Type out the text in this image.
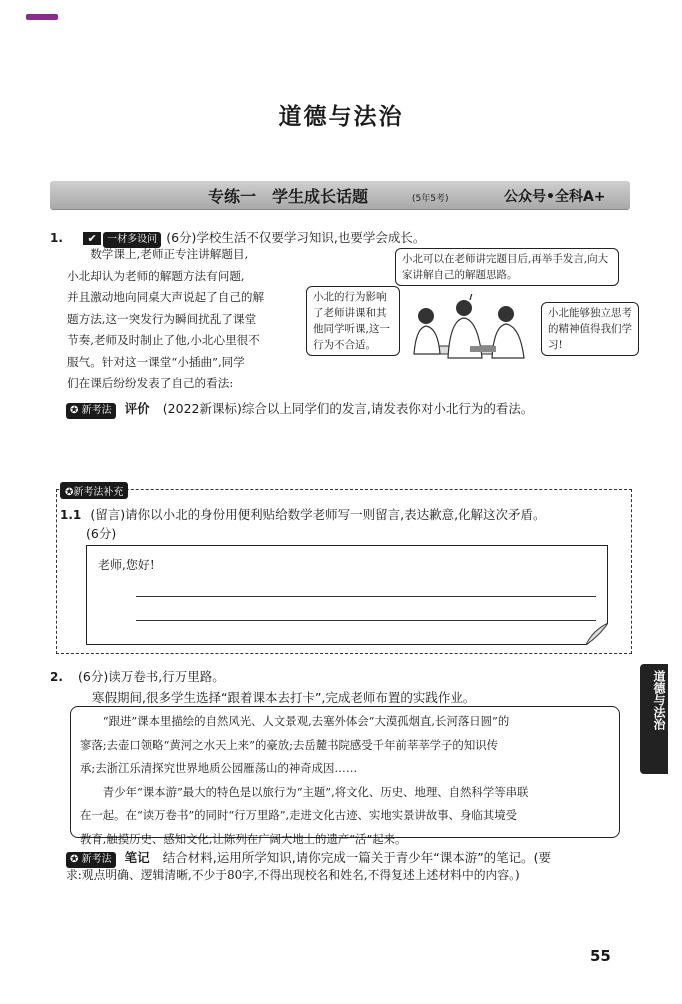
道德与法治
专练一　学生成长话题	(5年5考)	公众号•全科A+
1. ✔ 一材多设问 (6分)学校生活不仅要学习知识,也要学会成长。
数学课上,老师正专注讲解题目,
小北却认为老师的解题方法有问题,
并且激动地向同桌大声说起了自己的解
题方法,这一突发行为瞬间扰乱了课堂
节奏,老师及时制止了他,小北心里很不
服气。针对这一课堂“小插曲”,同学
们在课后纷纷发表了自己的看法:
小北可以在老师讲完题目后,再举手发言,向大家讲解自己的解题思路。
小北的行为影响了老师讲课和其他同学听课,这一行为不合适。
小北能够独立思考的精神值得我们学习!
✪ 新考法 评价 (2022新课标)综合以上同学们的发言,请发表你对小北行为的看法。
✪新考法补充
1.1 (留言)请你以小北的身份用便利贴给数学老师写一则留言,表达歉意,化解这次矛盾。
(6分)
老师,您好!
道德与法治
2. (6分)读万卷书,行万里路。
寒假期间,很多学生选择“跟着课本去打卡”,完成老师布置的实践作业。
“跟进”课本里描绘的自然风光、人文景观,去塞外体会“大漠孤烟直,长河落日圆”的
寥落;去壶口领略“黄河之水天上来”的豪放;去岳麓书院感受千年前莘莘学子的知识传
承;去浙江乐清探究世界地质公园雁荡山的神奇成因……
青少年“课本游”最大的特色是以旅行为“主题”,将文化、历史、地理、自然科学等串联
在一起。在“读万卷书”的同时“行万里路”,走进文化古迹、实地实景讲故事、身临其境受
教育,触摸历史、感知文化,让陈列在广阔大地上的遗产“活”起来。
✪ 新考法 笔记 结合材料,运用所学知识,请你完成一篇关于青少年“课本游”的笔记。(要
求:观点明确、逻辑清晰,不少于80字,不得出现校名和姓名,不得复述上述材料中的内容。)
55
